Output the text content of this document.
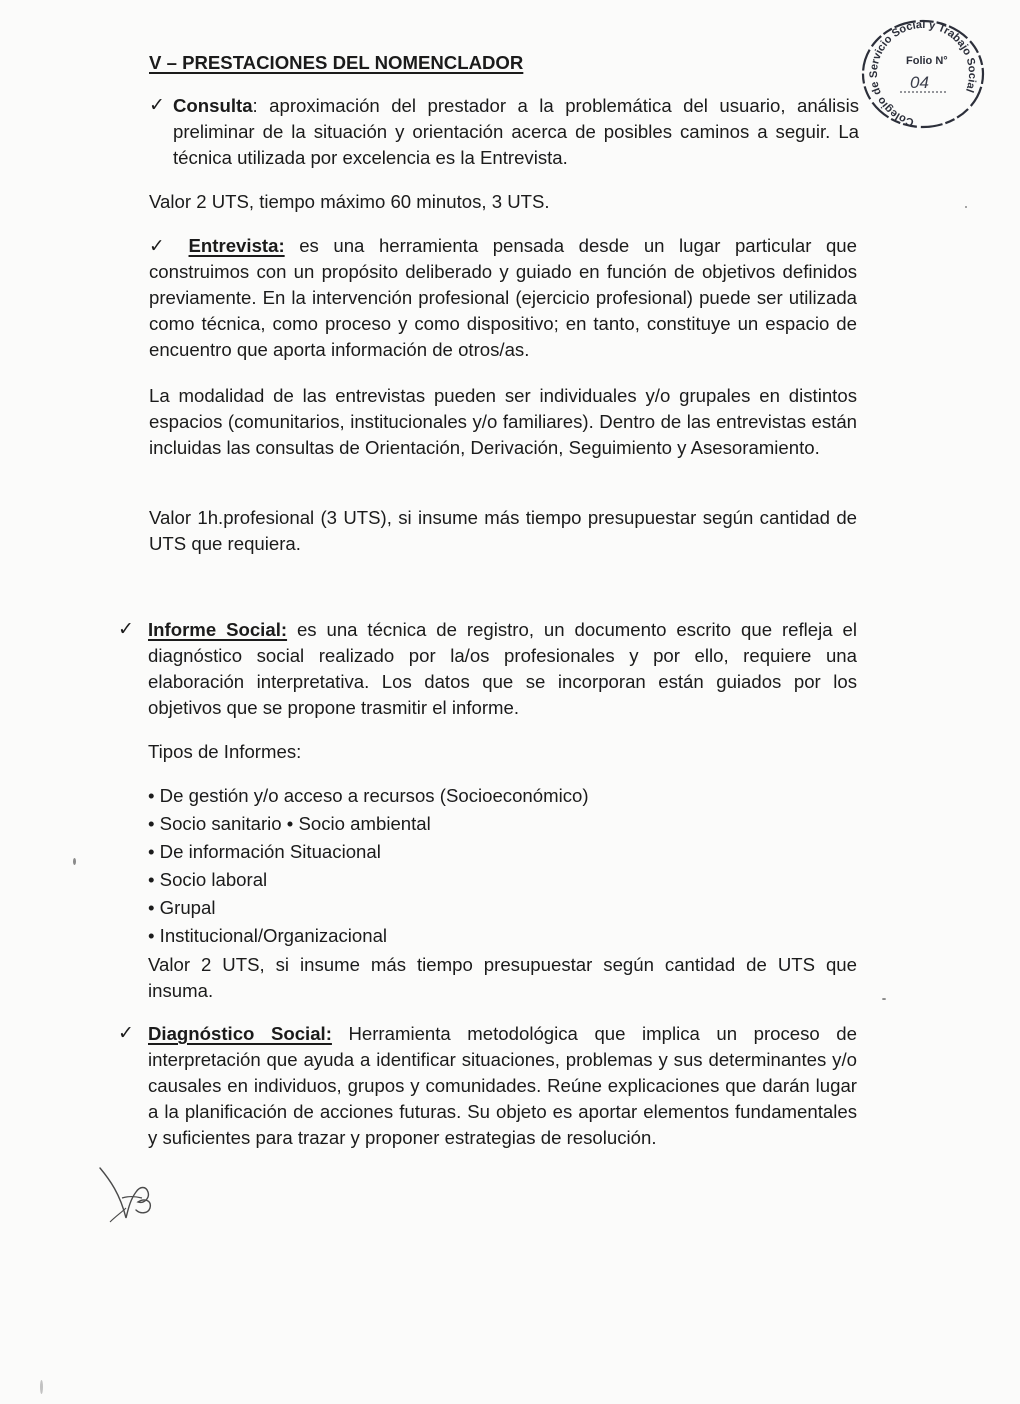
V – PRESTACIONES DEL NOMENCLADOR
✓ Consulta: aproximación del prestador a la problemática del usuario, análisis preliminar de la situación y orientación acerca de posibles caminos a seguir. La técnica utilizada por excelencia es la Entrevista.

Valor 2 UTS, tiempo máximo 60 minutos, 3 UTS.

✓ Entrevista: es una herramienta pensada desde un lugar particular que construimos con un propósito deliberado y guiado en función de objetivos definidos previamente. En la intervención profesional (ejercicio profesional) puede ser utilizada como técnica, como proceso y como dispositivo; en tanto, constituye un espacio de encuentro que aporta información de otros/as.

La modalidad de las entrevistas pueden ser individuales y/o grupales en distintos espacios (comunitarios, institucionales y/o familiares). Dentro de las entrevistas están incluidas las consultas de Orientación, Derivación, Seguimiento y Asesoramiento.
Valor 1h.profesional (3 UTS), si insume más tiempo presupuestar según cantidad de UTS que requiera.
✓ Informe Social: es una técnica de registro, un documento escrito que refleja el diagnóstico social realizado por la/os profesionales y por ello, requiere una elaboración interpretativa. Los datos que se incorporan están guiados por los objetivos que se propone trasmitir el informe.

Tipos de Informes:
• De gestión y/o acceso a recursos (Socioeconómico)
• Socio sanitario • Socio ambiental
• De información Situacional
• Socio laboral
• Grupal
• Institucional/Organizacional
Valor 2 UTS, si insume más tiempo presupuestar según cantidad de UTS que insuma.
✓ Diagnóstico Social: Herramienta metodológica que implica un proceso de interpretación que ayuda a identificar situaciones, problemas y sus determinantes y/o causales en individuos, grupos y comunidades. Reúne explicaciones que darán lugar a la planificación de acciones futuras. Su objeto es aportar elementos fundamentales y suficientes para trazar y proponer estrategias de resolución.

Colegio de Servicio Social y Trabajo Social
Folio N°
04
